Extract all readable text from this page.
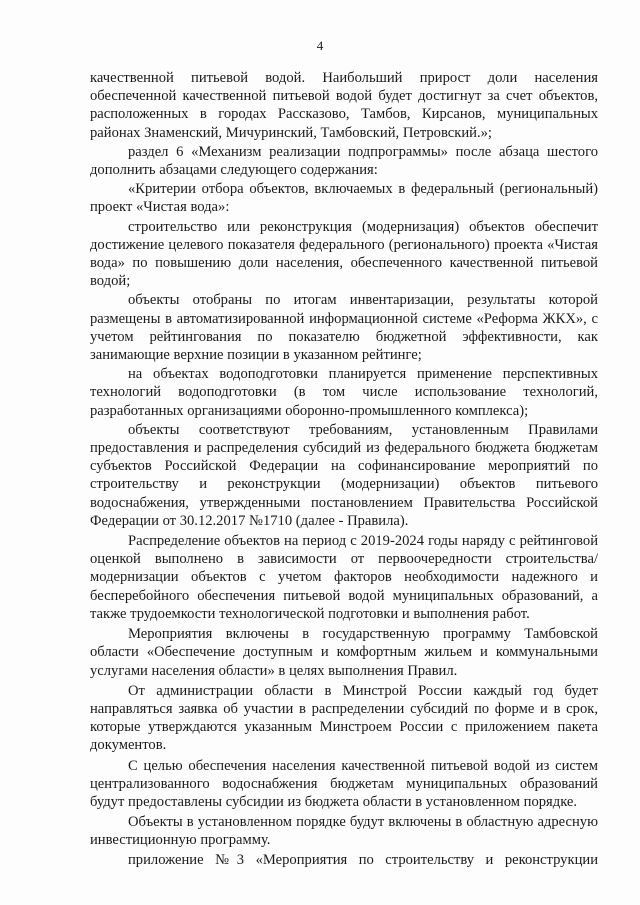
4

качественной питьевой водой. Наибольший прирост доли населения обеспеченной качественной питьевой водой будет достигнут за счет объектов, расположенных в городах Рассказово, Тамбов, Кирсанов, муниципальных районах Знаменский, Мичуринский, Тамбовский, Петровский.»;

раздел 6 «Механизм реализации подпрограммы» после абзаца шестого дополнить абзацами следующего содержания:

«Критерии отбора объектов, включаемых в федеральный (региональный) проект «Чистая вода»:

строительство или реконструкция (модернизация) объектов обеспечит достижение целевого показателя федерального (регионального) проекта «Чистая вода» по повышению доли населения, обеспеченного качественной питьевой водой;

объекты отобраны по итогам инвентаризации, результаты которой размещены в автоматизированной информационной системе «Реформа ЖКХ», с учетом рейтингования по показателю бюджетной эффективности, как занимающие верхние позиции в указанном рейтинге;

на объектах водоподготовки планируется применение перспективных технологий водоподготовки (в том числе использование технологий, разработанных организациями оборонно-промышленного комплекса);

объекты соответствуют требованиям, установленным Правилами предоставления и распределения субсидий из федерального бюджета бюджетам субъектов Российской Федерации на софинансирование мероприятий по строительству и реконструкции (модернизации) объектов питьевого водоснабжения, утвержденными постановлением Правительства Российской Федерации от 30.12.2017 №1710 (далее - Правила).

Распределение объектов на период с 2019-2024 годы наряду с рейтинговой оценкой выполнено в зависимости от первоочередности строительства/модернизации объектов с учетом факторов необходимости надежного и бесперебойного обеспечения питьевой водой муниципальных образований, а также трудоемкости технологической подготовки и выполнения работ.

Мероприятия включены в государственную программу Тамбовской области «Обеспечение доступным и комфортным жильем и коммунальными услугами населения области» в целях выполнения Правил.

От администрации области в Минстрой России каждый год будет направляться заявка об участии в распределении субсидий по форме и в срок, которые утверждаются указанным Минстроем России с приложением пакета документов.

С целью обеспечения населения качественной питьевой водой из систем централизованного водоснабжения бюджетам муниципальных образований будут предоставлены субсидии из бюджета области в установленном порядке.

Объекты в установленном порядке будут включены в областную адресную инвестиционную программу.

приложение №3 «Мероприятия по строительству и реконструкции
